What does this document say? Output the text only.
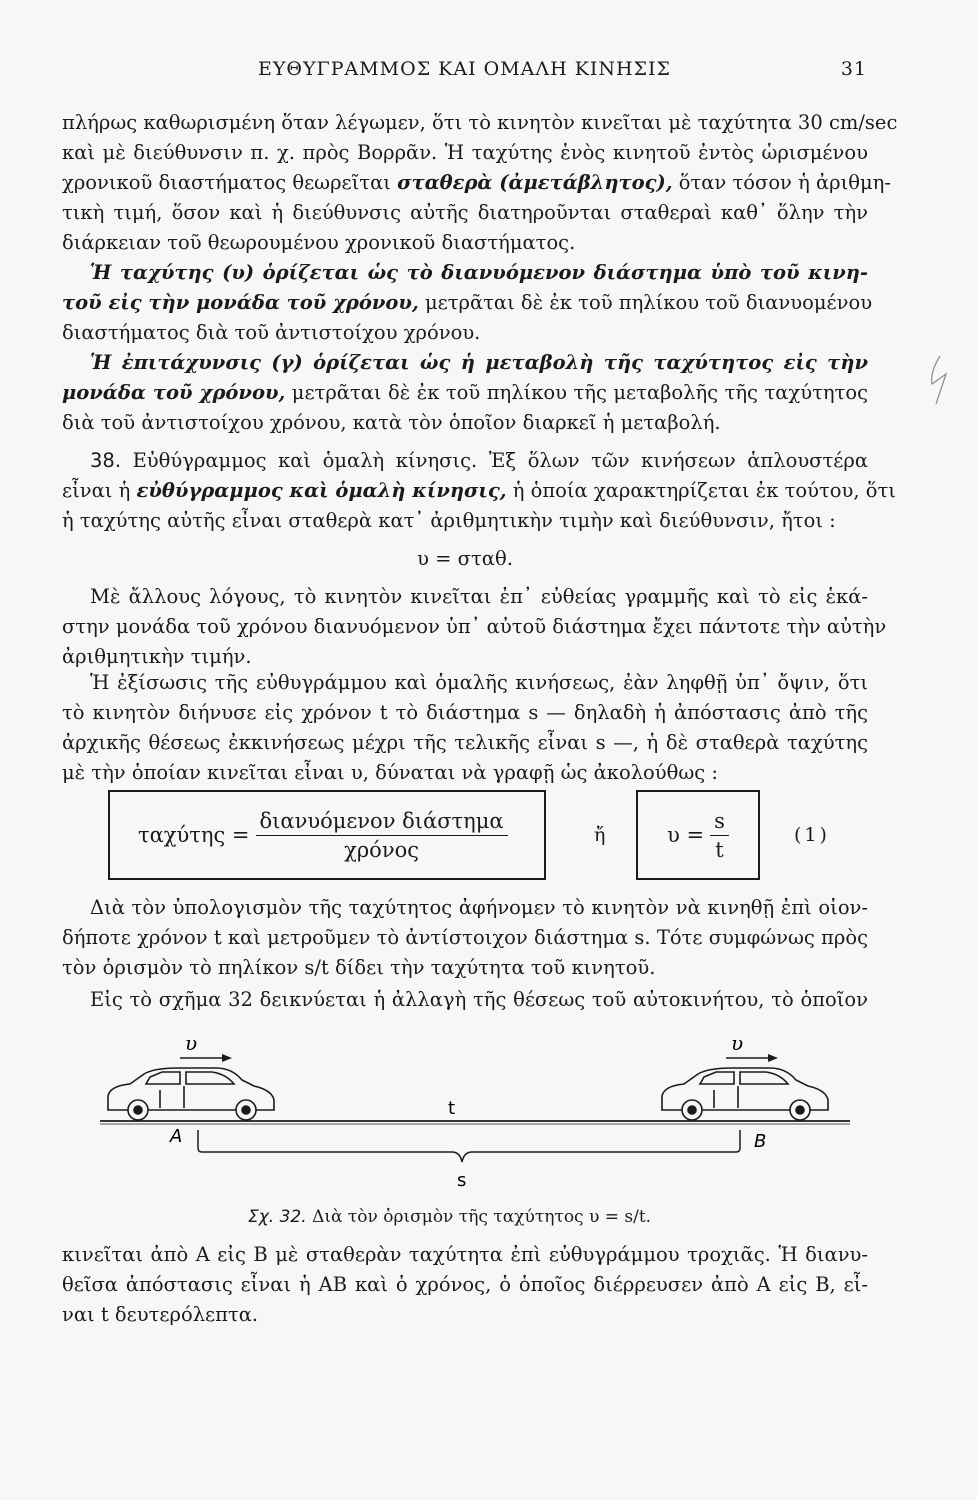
ΕΥΘΥΓΡΑΜΜΟΣ ΚΑΙ ΟΜΑΛΗ ΚΙΝΗΣΙΣ	31
πλήρως καθωρισμένη ὅταν λέγωμεν, ὅτι τὸ κινητὸν κινεῖται μὲ ταχύτητα 30 cm/sec
καὶ μὲ διεύθυνσιν π. χ. πρὸς Βορρᾶν. Ἡ ταχύτης ἑνὸς κινητοῦ ἐντὸς ὡρισμένου
χρονικοῦ διαστήματος θεωρεῖται σταθερὰ (ἀμετάβλητος), ὅταν τόσον ἡ ἀριθμη-
τικὴ τιμή, ὅσον καὶ ἡ διεύθυνσις αὐτῆς διατηροῦνται σταθεραὶ καθ᾽ ὅλην τὴν
διάρκειαν τοῦ θεωρουμένου χρονικοῦ διαστήματος.
Ἡ ταχύτης (υ) ὁρίζεται ὡς τὸ διανυόμενον διάστημα ὑπὸ τοῦ κινη-
τοῦ εἰς τὴν μονάδα τοῦ χρόνου, μετρᾶται δὲ ἐκ τοῦ πηλίκου τοῦ διανυομένου
διαστήματος διὰ τοῦ ἀντιστοίχου χρόνου.
Ἡ ἐπιτάχυνσις (γ) ὁρίζεται ὡς ἡ μεταβολὴ τῆς ταχύτητος εἰς τὴν
μονάδα τοῦ χρόνου, μετρᾶται δὲ ἐκ τοῦ πηλίκου τῆς μεταβολῆς τῆς ταχύτητος
διὰ τοῦ ἀντιστοίχου χρόνου, κατὰ τὸν ὁποῖον διαρκεῖ ἡ μεταβολή.
38. Εὐθύγραμμος καὶ ὁμαλὴ κίνησις. Ἐξ ὅλων τῶν κινήσεων ἁπλουστέρα
εἶναι ἡ εὐθύγραμμος καὶ ὁμαλὴ κίνησις, ἡ ὁποία χαρακτηρίζεται ἐκ τούτου, ὅτι
ἡ ταχύτης αὐτῆς εἶναι σταθερὰ κατ᾽ ἀριθμητικὴν τιμὴν καὶ διεύθυνσιν, ἤτοι :
υ = σταθ.
Μὲ ἄλλους λόγους, τὸ κινητὸν κινεῖται ἐπ᾽ εὐθείας γραμμῆς καὶ τὸ εἰς ἑκά-
στην μονάδα τοῦ χρόνου διανυόμενον ὑπ᾽ αὐτοῦ διάστημα ἔχει πάντοτε τὴν αὐτὴν
ἀριθμητικὴν τιμήν.
Ἡ ἐξίσωσις τῆς εὐθυγράμμου καὶ ὁμαλῆς κινήσεως, ἐὰν ληφθῇ ὑπ᾽ ὄψιν, ὅτι
τὸ κινητὸν διήνυσε εἰς χρόνον t τὸ διάστημα s — δηλαδὴ ἡ ἀπόστασις ἀπὸ τῆς
ἀρχικῆς θέσεως ἐκκινήσεως μέχρι τῆς τελικῆς εἶναι s —, ἡ δὲ σταθερὰ ταχύτης
μὲ τὴν ὁποίαν κινεῖται εἶναι υ, δύναται νὰ γραφῇ ὡς ἀκολούθως :
$\tau\alpha\chi ύ\tau\eta\varsigma = \frac{\text{διανυόμενον διάστημα}}{\text{χρόνος}}$	ἤ	$\upsilon = \frac{s}{t}$	(1)
Διὰ τὸν ὑπολογισμὸν τῆς ταχύτητος ἀφήνομεν τὸ κινητὸν νὰ κινηθῇ ἐπὶ οἱον-
δήποτε χρόνον t καὶ μετροῦμεν τὸ ἀντίστοιχον διάστημα s. Τότε συμφώνως πρὸς
τὸν ὁρισμὸν τὸ πηλίκον s/t δίδει τὴν ταχύτητα τοῦ κινητοῦ.
Εἰς τὸ σχῆμα 32 δεικνύεται ἡ ἀλλαγὴ τῆς θέσεως τοῦ αὐτοκινήτου, τὸ ὁποῖον
υ	υ
t
A	B
s
Σχ. 32. Διὰ τὸν ὁρισμὸν τῆς ταχύτητος υ = s/t.
κινεῖται ἀπὸ Α εἰς Β μὲ σταθερὰν ταχύτητα ἐπὶ εὐθυγράμμου τροχιᾶς. Ἡ διανυ-
θεῖσα ἀπόστασις εἶναι ἡ ΑΒ καὶ ὁ χρόνος, ὁ ὁποῖος διέρρευσεν ἀπὸ Α εἰς Β, εἶ-
ναι t δευτερόλεπτα.
